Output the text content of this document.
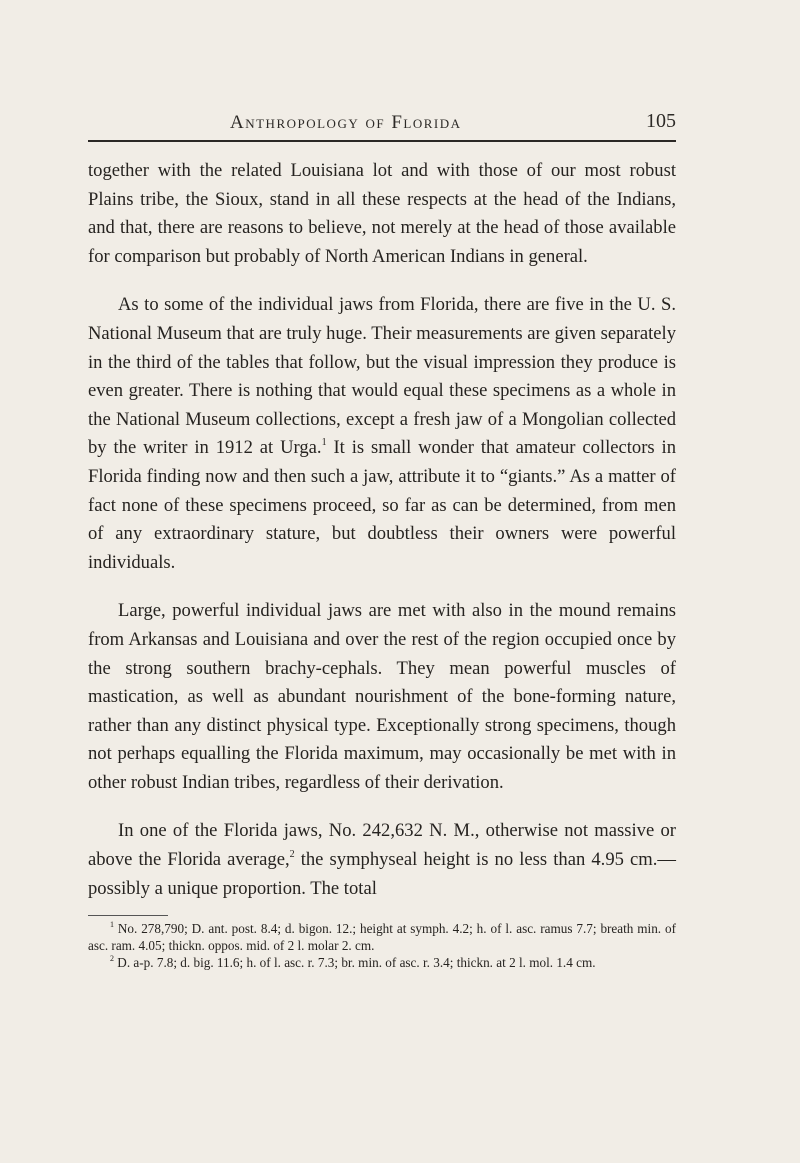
Anthropology of Florida	105

together with the related Louisiana lot and with those of our most robust Plains tribe, the Sioux, stand in all these respects at the head of the Indians, and that, there are reasons to believe, not merely at the head of those available for comparison but probably of North American Indians in general.

As to some of the individual jaws from Florida, there are five in the U. S. National Museum that are truly huge. Their measurements are given separately in the third of the tables that follow, but the visual impression they produce is even greater. There is nothing that would equal these specimens as a whole in the National Museum collections, except a fresh jaw of a Mongolian collected by the writer in 1912 at Urga.$^1$ It is small wonder that amateur collectors in Florida finding now and then such a jaw, attribute it to “giants.” As a matter of fact none of these specimens proceed, so far as can be determined, from men of any extraordinary stature, but doubtless their owners were powerful individuals.

Large, powerful individual jaws are met with also in the mound remains from Arkansas and Louisiana and over the rest of the region occupied once by the strong southern brachy-cephals. They mean powerful muscles of mastication, as well as abundant nourishment of the bone-forming nature, rather than any distinct physical type. Exceptionally strong specimens, though not perhaps equalling the Florida maximum, may occasionally be met with in other robust Indian tribes, regardless of their derivation.

In one of the Florida jaws, No. 242,632 N. M., otherwise not massive or above the Florida average,$^2$ the symphyseal height is no less than 4.95 cm.—possibly a unique proportion. The total

$^1$ No. 278,790; D. ant. post. 8.4; d. bigon. 12.; height at symph. 4.2; h. of l. asc. ramus 7.7; breath min. of asc. ram. 4.05; thickn. oppos. mid. of 2 l. molar 2. cm.

$^2$ D. a-p. 7.8; d. big. 11.6; h. of l. asc. r. 7.3; br. min. of asc. r. 3.4; thickn. at 2 l. mol. 1.4 cm.
